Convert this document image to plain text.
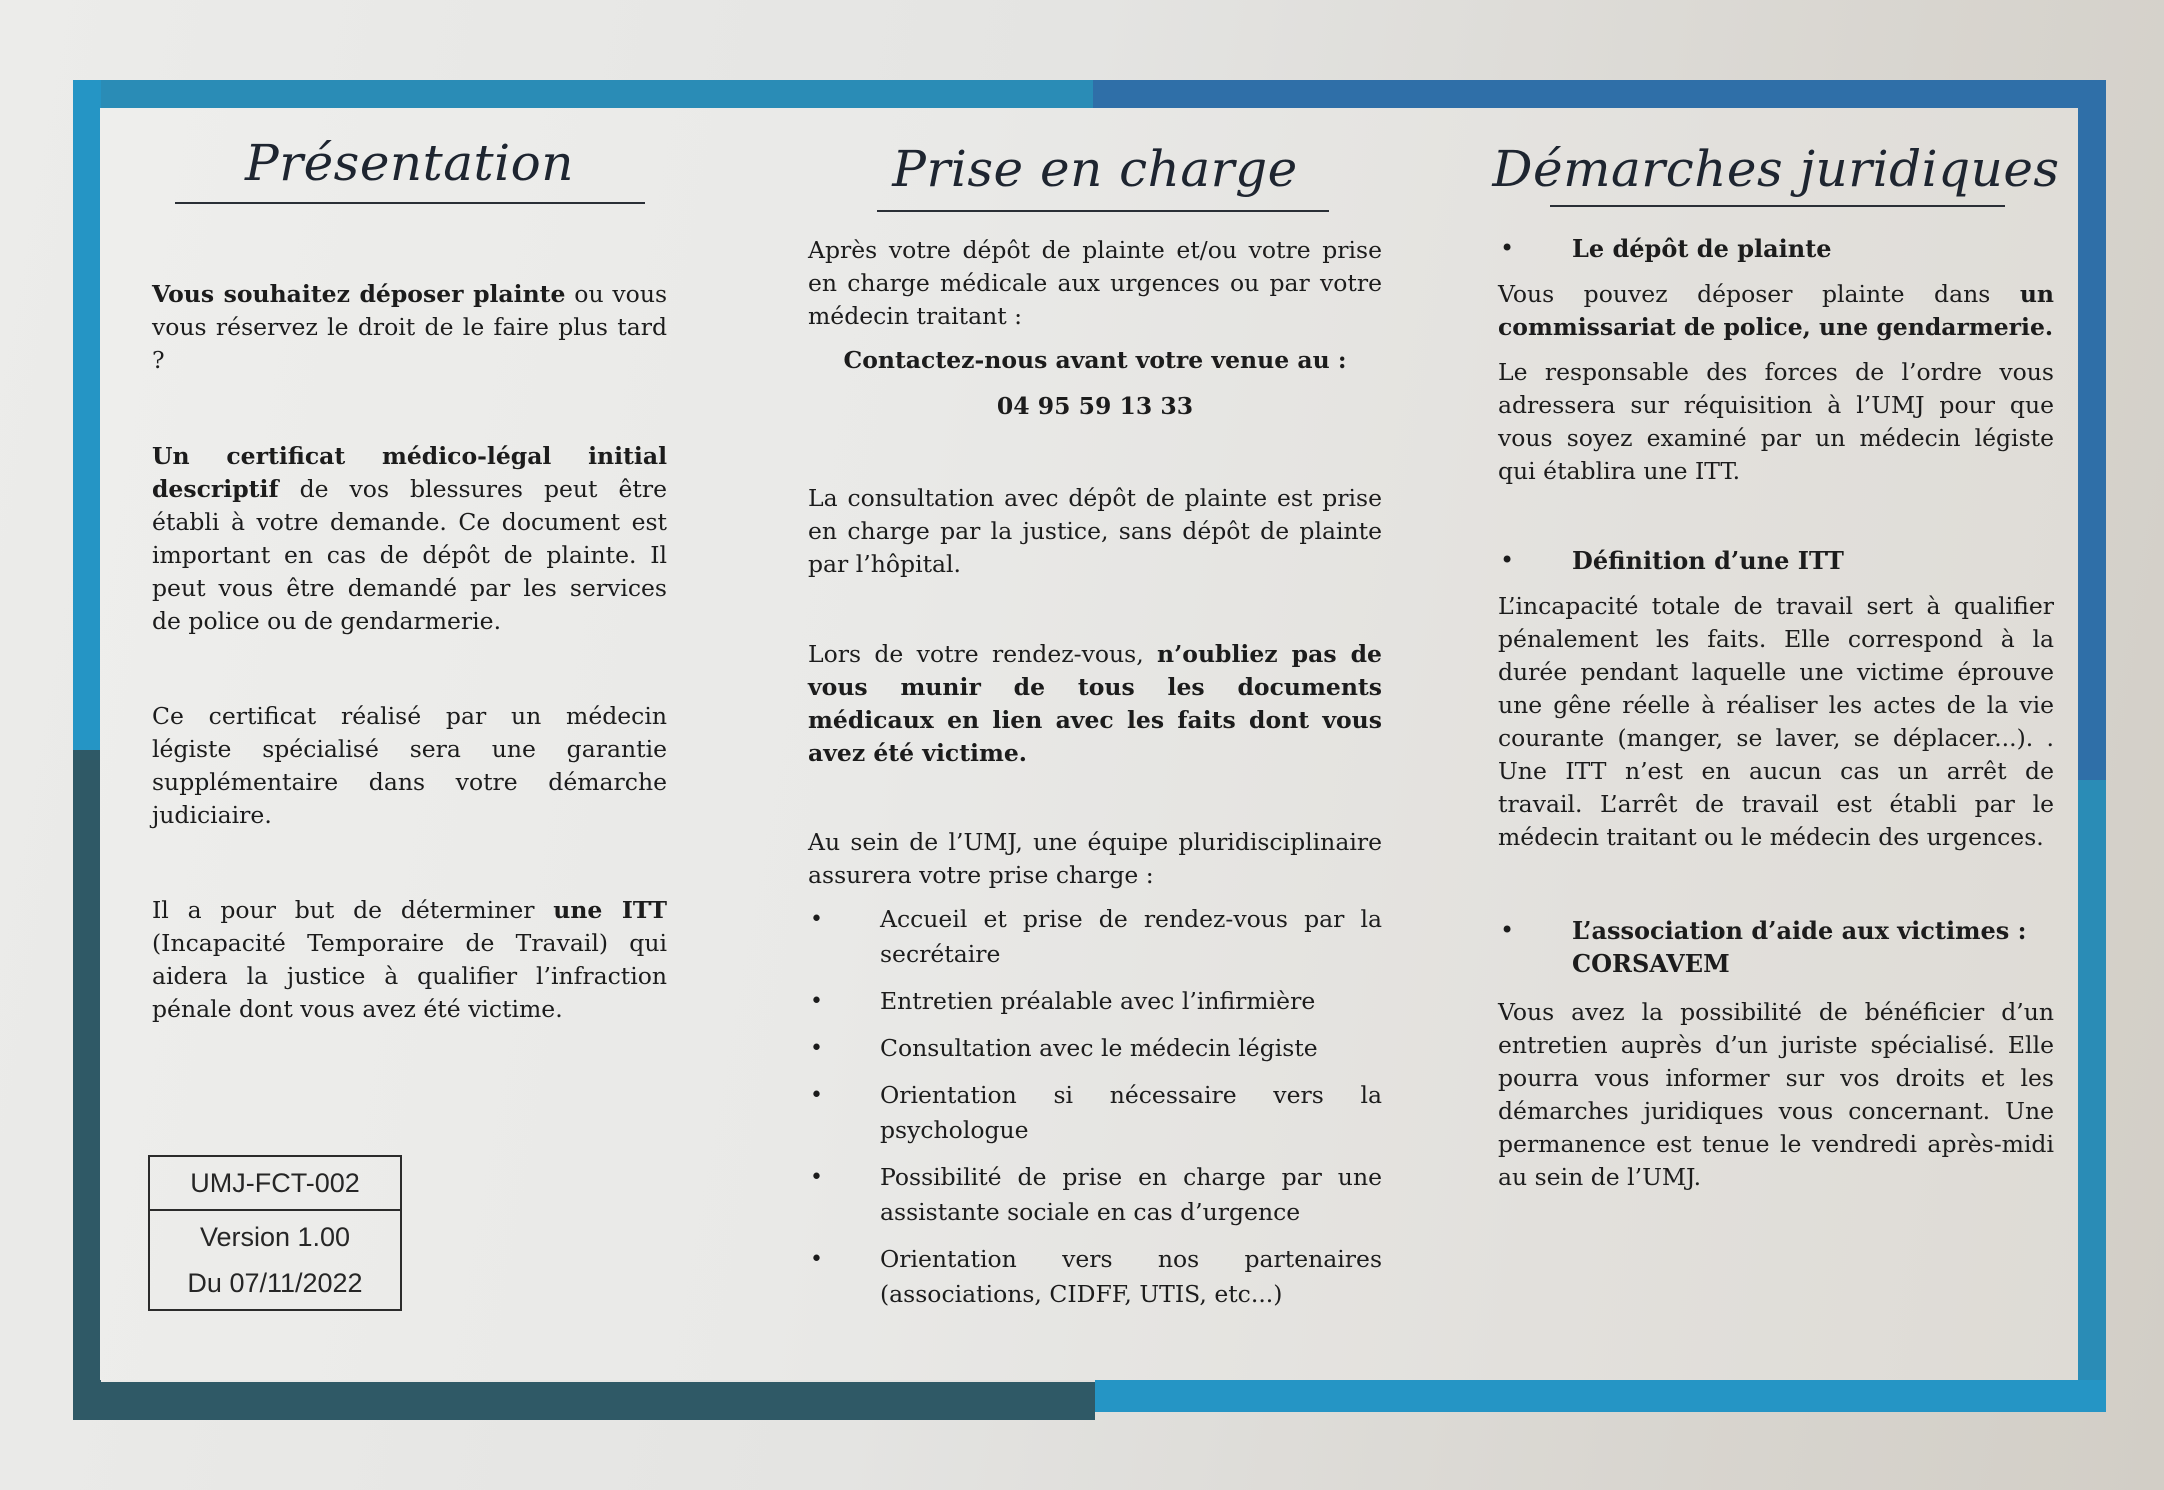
Présentation

Vous souhaitez déposer plainte ou vous vous réservez le droit de le faire plus tard ?

Un certificat médico-légal initial descriptif de vos blessures peut être établi à votre demande. Ce document est important en cas de dépôt de plainte. Il peut vous être demandé par les services de police ou de gendarmerie.

Ce certificat réalisé par un médecin légiste spécialisé sera une garantie supplémentaire dans votre démarche judiciaire.

Il a pour but de déterminer une ITT (Incapacité Temporaire de Travail) qui aidera la justice à qualifier l’infraction pénale dont vous avez été victime.

Prise en charge

Après votre dépôt de plainte et/ou votre prise en charge médicale aux urgences ou par votre médecin traitant :

Contactez-nous avant votre venue au :

04 95 59 13 33

La consultation avec dépôt de plainte est prise en charge par la justice, sans dépôt de plainte par l’hôpital.

Lors de votre rendez-vous, n’oubliez pas de vous munir de tous les documents médicaux en lien avec les faits dont vous avez été victime.

Au sein de l’UMJ, une équipe pluridisciplinaire assurera votre prise charge :

• Accueil et prise de rendez-vous par la secrétaire
• Entretien préalable avec l’infirmière
• Consultation avec le médecin légiste
• Orientation si nécessaire vers la psychologue
• Possibilité de prise en charge par une assistante sociale en cas d’urgence
• Orientation vers nos partenaires (associations, CIDFF, UTIS, etc...)
Démarches juridiques
• Le dépôt de plainte

Vous pouvez déposer plainte dans un commissariat de police, une gendarmerie.

Le responsable des forces de l’ordre vous adressera sur réquisition à l’UMJ pour que vous soyez examiné par un médecin légiste qui établira une ITT.

• Définition d’une ITT

L’incapacité totale de travail sert à qualifier pénalement les faits. Elle correspond à la durée pendant laquelle une victime éprouve une gêne réelle à réaliser les actes de la vie courante (manger, se laver, se déplacer...). . Une ITT n’est en aucun cas un arrêt de travail. L’arrêt de travail est établi par le médecin traitant ou le médecin des urgences.

• L’association d’aide aux victimes : CORSAVEM

Vous avez la possibilité de bénéficier d’un entretien auprès d’un juriste spécialisé. Elle pourra vous informer sur vos droits et les démarches juridiques vous concernant. Une permanence est tenue le vendredi après-midi au sein de l’UMJ.

UMJ-FCT-002
Version 1.00
Du 07/11/2022
